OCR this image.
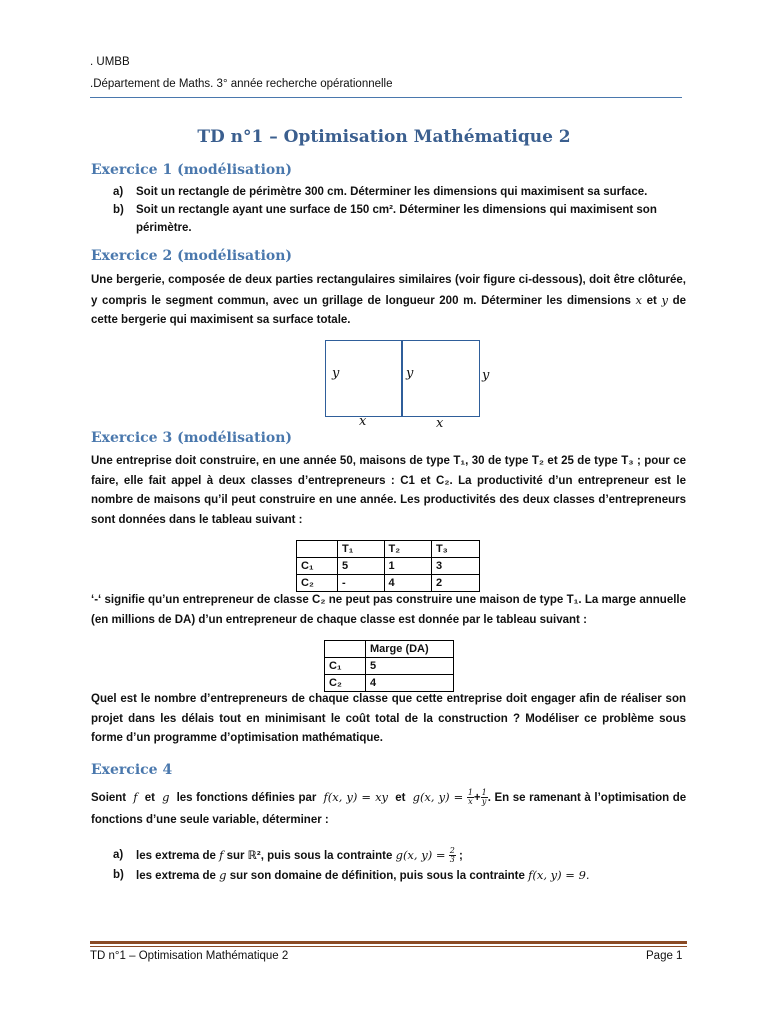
. UMBB
.Département de Maths. 3° année recherche opérationnelle
TD n°1 – Optimisation Mathématique 2
Exercice 1 (modélisation)
a) Soit un rectangle de périmètre 300 cm. Déterminer les dimensions qui maximisent sa surface.
b) Soit un rectangle ayant une surface de 150 cm². Déterminer les dimensions qui maximisent son périmètre.
Exercice 2 (modélisation)
Une bergerie, composée de deux parties rectangulaires similaires (voir figure ci-dessous), doit être clôturée, y compris le segment commun, avec un grillage de longueur 200 m. Déterminer les dimensions x et y de cette bergerie qui maximisent sa surface totale.
y	y	y
x	x
Exercice 3 (modélisation)
Une entreprise doit construire, en une année 50, maisons de type T₁, 30 de type T₂ et 25 de type T₃ ; pour ce faire, elle fait appel à deux classes d’entrepreneurs : C1 et C₂. La productivité d’un entrepreneur est le nombre de maisons qu’il peut construire en une année. Les productivités des deux classes d’entrepreneurs sont données dans le tableau suivant :
	T₁	T₂	T₃
C₁	5	1	3
C₂	-	4	2
‘-‘ signifie qu’un entrepreneur de classe C₂ ne peut pas construire une maison de type T₁. La marge annuelle (en millions de DA) d’un entrepreneur de chaque classe est donnée par le tableau suivant :
	Marge (DA)
C₁	5
C₂	4
Quel est le nombre d’entrepreneurs de chaque classe que cette entreprise doit engager afin de réaliser son projet dans les délais tout en minimisant le coût total de la construction ? Modéliser ce problème sous forme d’un programme d’optimisation mathématique.
Exercice 4
Soient f et g les fonctions définies par f(x, y) = xy et g(x, $y) = \frac{1}{x} + \frac{1}{y}$ . En se ramenant à l’optimisation de fonctions d’une seule variable, déterminer :
a) les extrema de f sur ℝ², puis sous la contrainte g(x, $y) = \frac{2}{3}$ ;
b) les extrema de g sur son domaine de définition, puis sous la contrainte f(x, y) = 9.
TD n°1 – Optimisation Mathématique 2	Page 1
